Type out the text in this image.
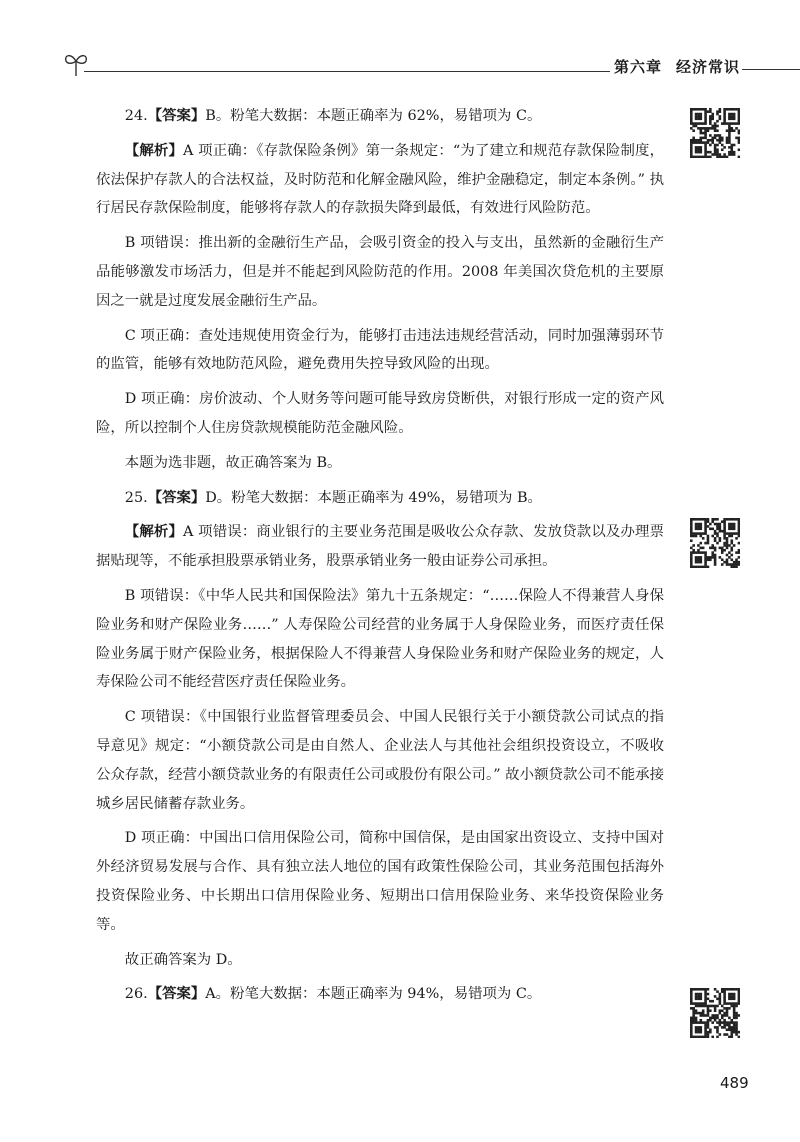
第六章 经济常识

24.【答案】B。粉笔大数据：本题正确率为 62%，易错项为 C。

【解析】A 项正确：《存款保险条例》第一条规定：“为了建立和规范存款保险制度，依法保护存款人的合法权益，及时防范和化解金融风险，维护金融稳定，制定本条例。” 执行居民存款保险制度，能够将存款人的存款损失降到最低，有效进行风险防范。

B 项错误：推出新的金融衍生产品，会吸引资金的投入与支出，虽然新的金融衍生产品能够激发市场活力，但是并不能起到风险防范的作用。2008 年美国次贷危机的主要原因之一就是过度发展金融衍生产品。

C 项正确：查处违规使用资金行为，能够打击违法违规经营活动，同时加强薄弱环节的监管，能够有效地防范风险，避免费用失控导致风险的出现。

D 项正确：房价波动、个人财务等问题可能导致房贷断供，对银行形成一定的资产风险，所以控制个人住房贷款规模能防范金融风险。

本题为选非题，故正确答案为 B。

25.【答案】D。粉笔大数据：本题正确率为 49%，易错项为 B。

【解析】A 项错误：商业银行的主要业务范围是吸收公众存款、发放贷款以及办理票据贴现等，不能承担股票承销业务，股票承销业务一般由证券公司承担。

B 项错误：《中华人民共和国保险法》第九十五条规定：“……保险人不得兼营人身保险业务和财产保险业务……” 人寿保险公司经营的业务属于人身保险业务，而医疗责任保险业务属于财产保险业务，根据保险人不得兼营人身保险业务和财产保险业务的规定，人寿保险公司不能经营医疗责任保险业务。

C 项错误：《中国银行业监督管理委员会、中国人民银行关于小额贷款公司试点的指导意见》规定：“小额贷款公司是由自然人、企业法人与其他社会组织投资设立，不吸收公众存款，经营小额贷款业务的有限责任公司或股份有限公司。” 故小额贷款公司不能承接城乡居民储蓄存款业务。

D 项正确：中国出口信用保险公司，简称中国信保，是由国家出资设立、支持中国对外经济贸易发展与合作、具有独立法人地位的国有政策性保险公司，其业务范围包括海外投资保险业务、中长期出口信用保险业务、短期出口信用保险业务、来华投资保险业务等。

故正确答案为 D。

26.【答案】A。粉笔大数据：本题正确率为 94%，易错项为 C。

489
